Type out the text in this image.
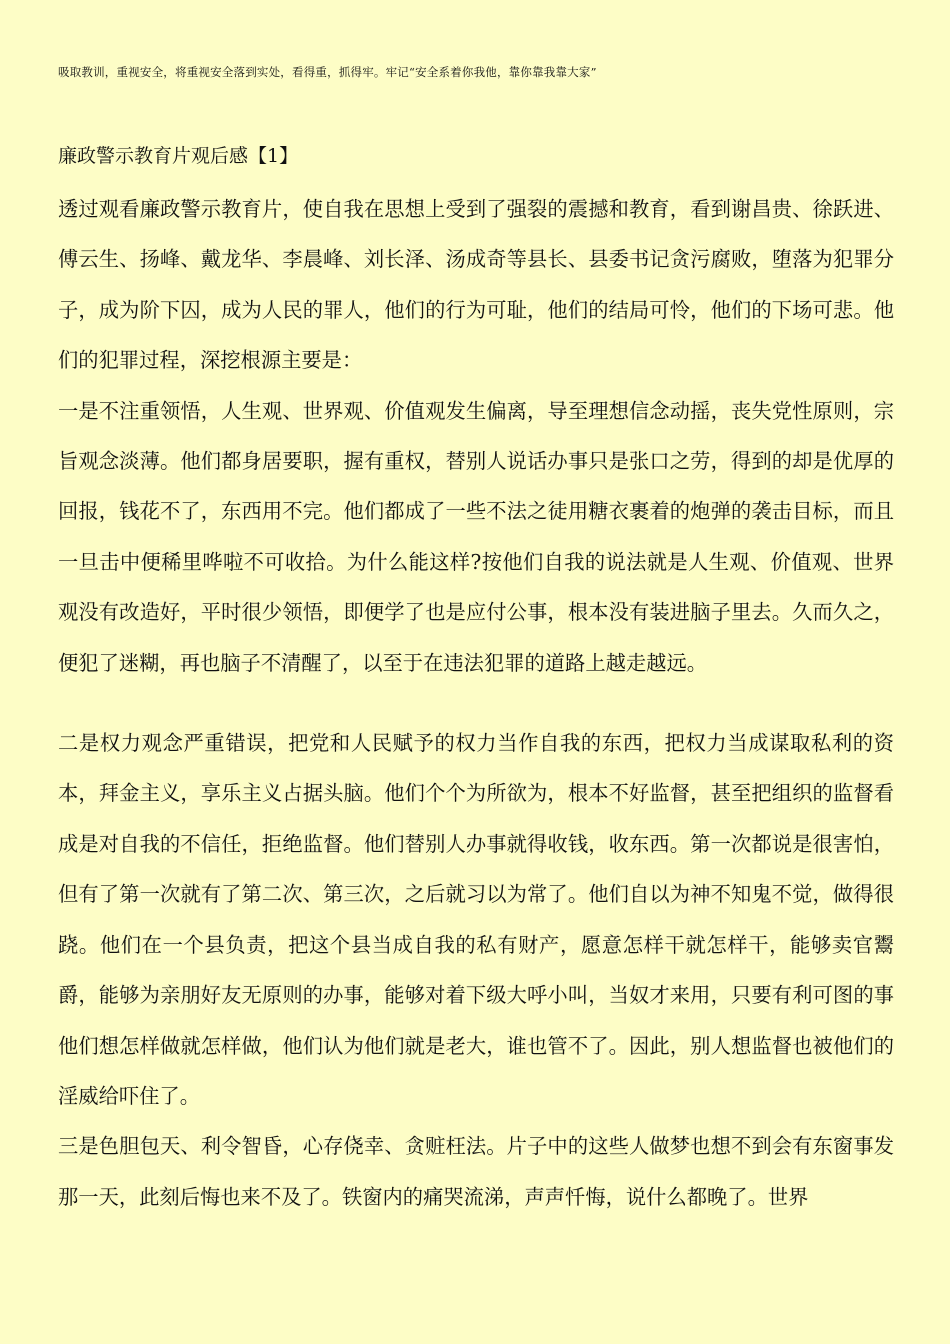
吸取教训，重视安全，将重视安全落到实处，看得重，抓得牢。牢记“安全系着你我他，靠你靠我靠大家”
廉政警示教育片观后感【1】

透过观看廉政警示教育片，使自我在思想上受到了强裂的震撼和教育，看到谢昌贵、徐跃进、傅云生、扬峰、戴龙华、李晨峰、刘长泽、汤成奇等县长、县委书记贪污腐败，堕落为犯罪分子，成为阶下囚，成为人民的罪人，他们的行为可耻，他们的结局可怜，他们的下场可悲。他们的犯罪过程，深挖根源主要是：

一是不注重领悟，人生观、世界观、价值观发生偏离，导至理想信念动摇，丧失党性原则，宗旨观念淡薄。他们都身居要职，握有重权，替别人说话办事只是张口之劳，得到的却是优厚的回报，钱花不了，东西用不完。他们都成了一些不法之徒用糖衣裹着的炮弹的袭击目标，而且一旦击中便稀里哗啦不可收拾。为什么能这样?按他们自我的说法就是人生观、价值观、世界观没有改造好，平时很少领悟，即便学了也是应付公事，根本没有装进脑子里去。久而久之，便犯了迷糊，再也脑子不清醒了，以至于在违法犯罪的道路上越走越远。

二是权力观念严重错误，把党和人民赋予的权力当作自我的东西，把权力当成谋取私利的资本，拜金主义，享乐主义占据头脑。他们个个为所欲为，根本不好监督，甚至把组织的监督看成是对自我的不信任，拒绝监督。他们替别人办事就得收钱，收东西。第一次都说是很害怕，但有了第一次就有了第二次、第三次，之后就习以为常了。他们自以为神不知鬼不觉，做得很跷。他们在一个县负责，把这个县当成自我的私有财产，愿意怎样干就怎样干，能够卖官鬻爵，能够为亲朋好友无原则的办事，能够对着下级大呼小叫，当奴才来用，只要有利可图的事他们想怎样做就怎样做，他们认为他们就是老大，谁也管不了。因此，别人想监督也被他们的淫威给吓住了。

三是色胆包天、利令智昏，心存侥幸、贪赃枉法。片子中的这些人做梦也想不到会有东窗事发那一天，此刻后悔也来不及了。铁窗内的痛哭流涕，声声忏悔，说什么都晚了。世界
